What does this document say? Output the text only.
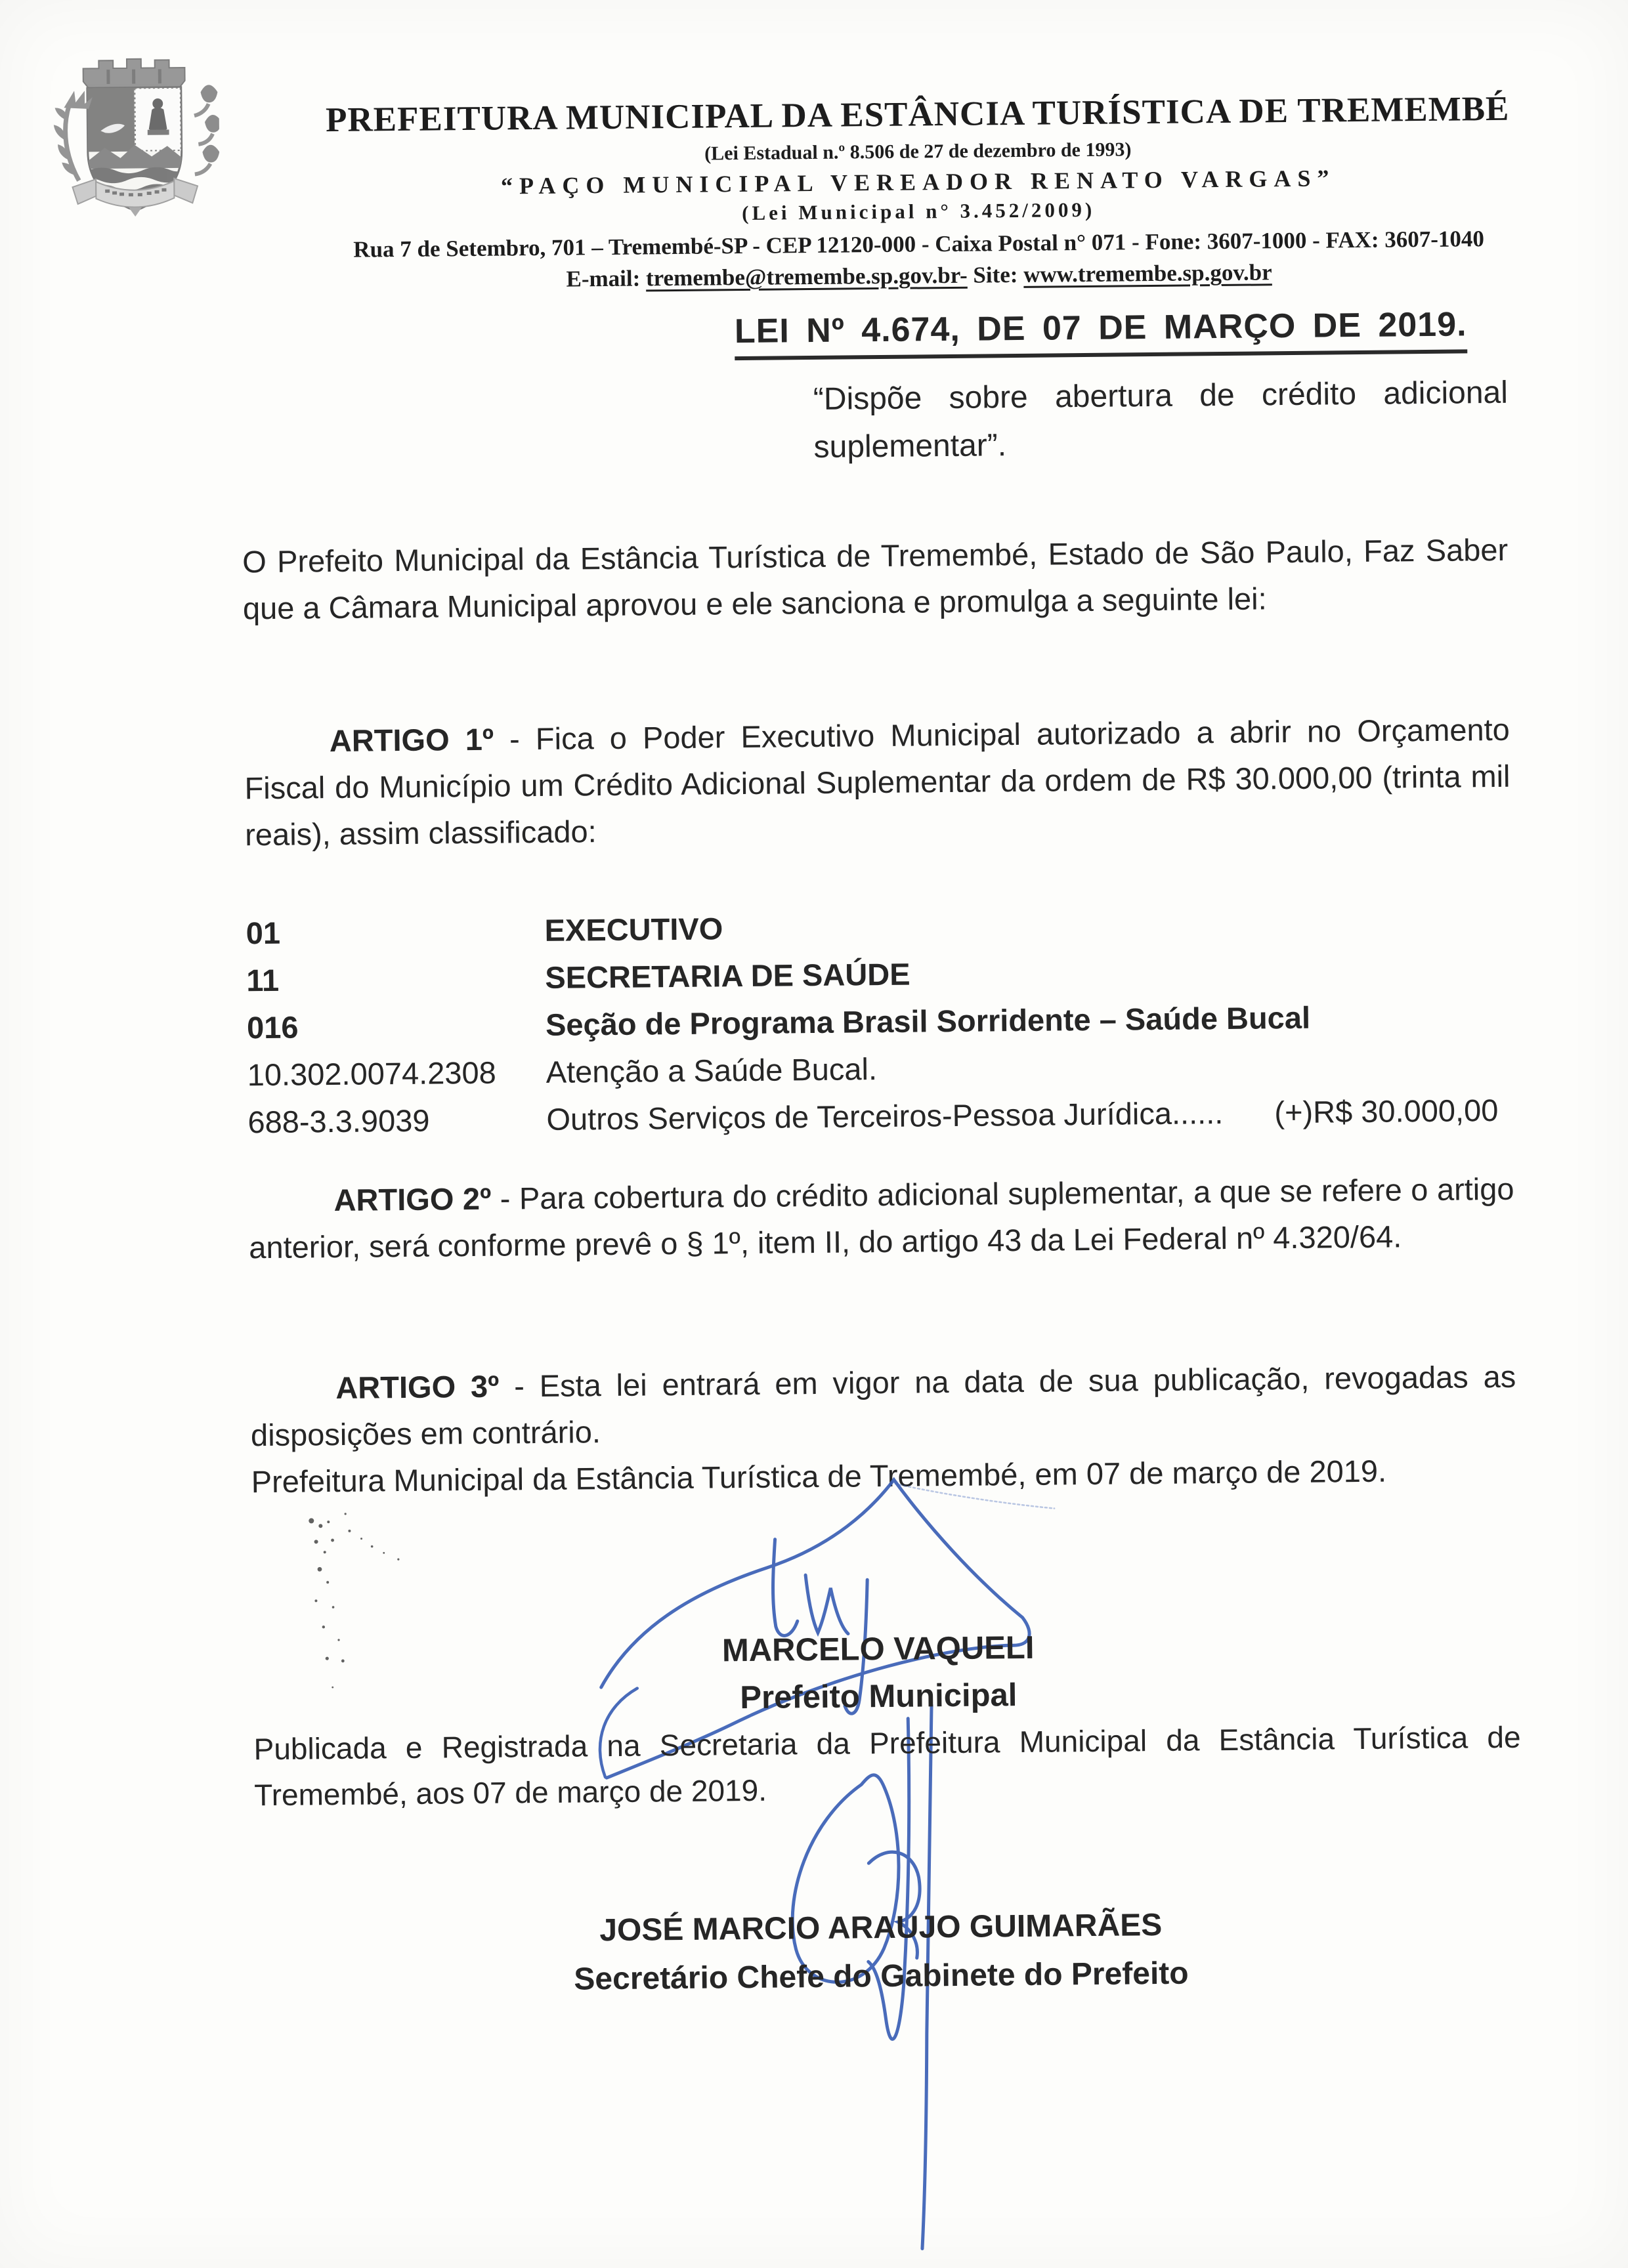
PREFEITURA MUNICIPAL DA ESTÂNCIA TURÍSTICA DE TREMEMBÉ
(Lei Estadual n.º 8.506 de 27 de dezembro de 1993)
“PAÇO MUNICIPAL VEREADOR RENATO VARGAS”
(Lei Municipal n° 3.452/2009)
Rua 7 de Setembro, 701 – Tremembé-SP - CEP 12120-000 - Caixa Postal n° 071 - Fone: 3607-1000 - FAX: 3607-1040
E-mail: tremembe@tremembe.sp.gov.br- Site: www.tremembe.sp.gov.br
LEI Nº 4.674, DE 07 DE MARÇO DE 2019.
“Dispõe sobre abertura de crédito adicional suplementar”.

O Prefeito Municipal da Estância Turística de Tremembé, Estado de São Paulo, Faz Saber que a Câmara Municipal aprovou e ele sanciona e promulga a seguinte lei:

ARTIGO 1º - Fica o Poder Executivo Municipal autorizado a abrir no Orçamento Fiscal do Município um Crédito Adicional Suplementar da ordem de R$ 30.000,00 (trinta mil reais), assim classificado:

01	EXECUTIVO
11	SECRETARIA DE SAÚDE
016	Seção de Programa Brasil Sorridente – Saúde Bucal
10.302.0074.2308	Atenção a Saúde Bucal.
688-3.3.9039	Outros Serviços de Terceiros-Pessoa Jurídica......	(+)R$ 30.000,00

ARTIGO 2º - Para cobertura do crédito adicional suplementar, a que se refere o artigo anterior, será conforme prevê o § 1º, item II, do artigo 43 da Lei Federal nº 4.320/64.

ARTIGO 3º - Esta lei entrará em vigor na data de sua publicação, revogadas as disposições em contrário.
Prefeitura Municipal da Estância Turística de Tremembé, em 07 de março de 2019.

MARCELO VAQUELI
Prefeito Municipal

Publicada e Registrada na Secretaria da Prefeitura Municipal da Estância Turística de Tremembé, aos 07 de março de 2019.

JOSÉ MARCIO ARAUJO GUIMARÃES
Secretário Chefe do Gabinete do Prefeito
